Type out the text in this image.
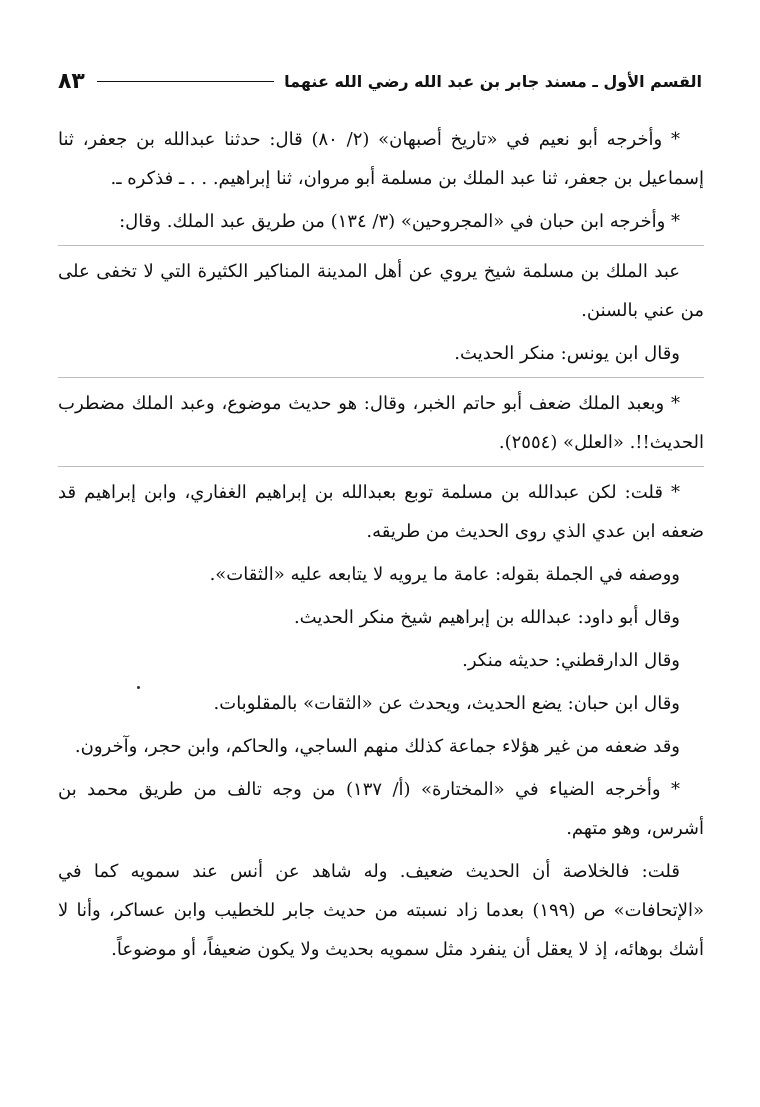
القسم الأول ـ مسند جابر بن عبد الله رضي الله عنهما
٨٣

* وأخرجه أبو نعيم في «تاريخ أصبهان» (٢/ ٨٠) قال: حدثنا عبدالله بن جعفر، ثنا إسماعيل بن جعفر، ثنا عبد الملك بن مسلمة أبو مروان، ثنا إبراهيم. . . ـ فذكره ـ.

* وأخرجه ابن حبان في «المجروحين» (٣/ ١٣٤) من طريق عبد الملك. وقال:

عبد الملك بن مسلمة شيخ يروي عن أهل المدينة المناكير الكثيرة التي لا تخفى على من عني بالسنن.

وقال ابن يونس: منكر الحديث.

* وبعبد الملك ضعف أبو حاتم الخبر، وقال: هو حديث موضوع، وعبد الملك مضطرب الحديث!!. «العلل» (٢٥٥٤).

* قلت: لكن عبدالله بن مسلمة توبع بعبدالله بن إبراهيم الغفاري، وابن إبراهيم قد ضعفه ابن عدي الذي روى الحديث من طريقه.

ووصفه في الجملة بقوله: عامة ما يرويه لا يتابعه عليه «الثقات».

وقال أبو داود: عبدالله بن إبراهيم شيخ منكر الحديث.

وقال الدارقطني: حديثه منكر.

وقال ابن حبان: يضع الحديث، ويحدث عن «الثقات» بالمقلوبات.

وقد ضعفه من غير هؤلاء جماعة كذلك منهم الساجي، والحاكم، وابن حجر، وآخرون.

* وأخرجه الضياء في «المختارة» (أ/ ١٣٧) من وجه تالف من طريق محمد بن أشرس، وهو متهم.

قلت: فالخلاصة أن الحديث ضعيف. وله شاهد عن أنس عند سمويه كما في «الإتحافات» ص (١٩٩) بعدما زاد نسبته من حديث جابر للخطيب وابن عساكر، وأنا لا أشك بوهائه، إذ لا يعقل أن ينفرد مثل سمويه بحديث ولا يكون ضعيفاً، أو موضوعاً.
